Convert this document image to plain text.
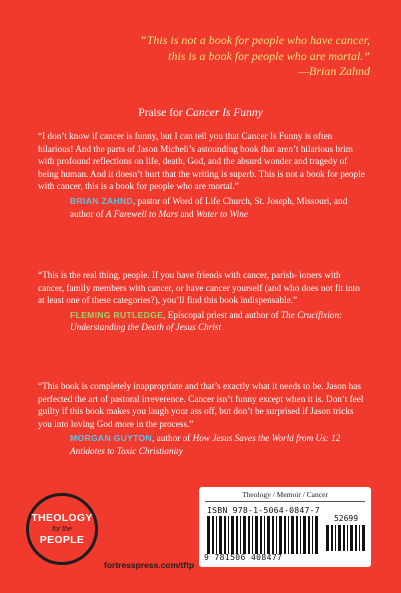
“This is not a book for people who have cancer,
this is a book for people who are mortal.”
—Brian Zahnd
Praise for Cancer Is Funny
“I don’t know if cancer is funny, but I can tell you that Cancer Is Funny is often hilarious! And the parts of Jason Micheli’s astounding book that aren’t hilarious brim with profound reflections on life, death, God, and the absurd wonder and tragedy of being human. And it doesn’t hurt that the writing is superb. This is not a book for people with cancer, this is a book for people who are mortal.”
BRIAN ZAHND, pastor of Word of Life Church, St. Joseph, Missouri, and author of A Farewell to Mars and Water to Wine
“This is the real thing, people. If you have friends with cancer, parish- ioners with cancer, family members with cancer, or have cancer yourself (and who does not fit into at least one of these categories?), you’ll find this book indispensable.”
FLEMING RUTLEDGE, Episcopal priest and author of The Crucifixion: Understanding the Death of Jesus Christ
“This book is completely inappropriate and that’s exactly what it needs to be. Jason has perfected the art of pastoral irreverence. Cancer isn’t funny except when it is. Don’t feel guilty if this book makes you laugh your ass off, but don’t be surprised if Jason tricks you into loving God more in the process.”
MORGAN GUYTON, author of How Jesus Saves the World from Us: 12 Antidotes to Toxic Christianity
THEOLOGY
for the
PEOPLE
fortresspress.com/tftp
Theology / Memoir / Cancer
ISBN 978-1-5064-0847-7
52699
9 781506 408477
